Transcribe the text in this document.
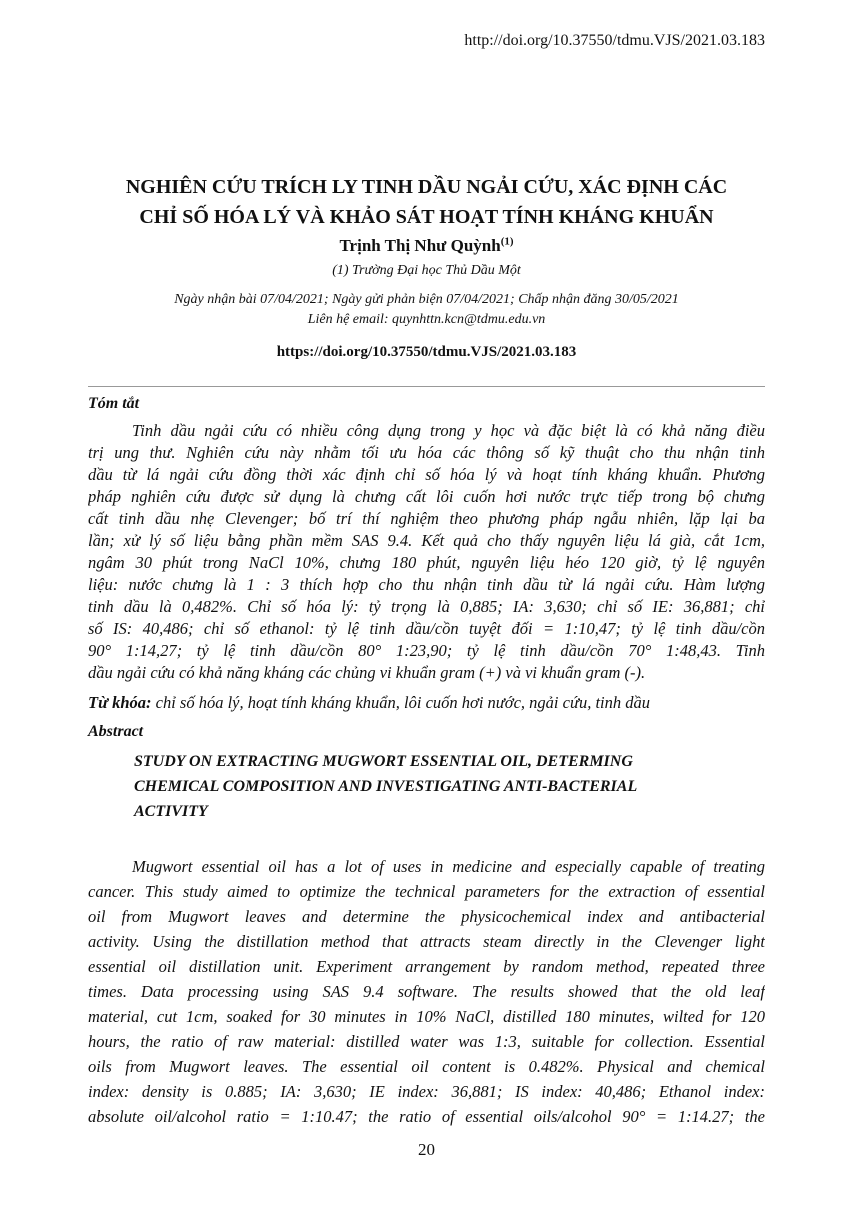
http://doi.org/10.37550/tdmu.VJS/2021.03.183
NGHIÊN CỨU TRÍCH LY TINH DẦU NGẢI CỨU, XÁC ĐỊNH CÁC
CHỈ SỐ HÓA LÝ VÀ KHẢO SÁT HOẠT TÍNH KHÁNG KHUẨN
Trịnh Thị Như Quỳnh$^{(1)}$
(1) Trường Đại học Thủ Dầu Một
Ngày nhận bài 07/04/2021; Ngày gửi phản biện 07/04/2021; Chấp nhận đăng 30/05/2021
Liên hệ email: quynhttn.kcn@tdmu.edu.vn
https://doi.org/10.37550/tdmu.VJS/2021.03.183
Tóm tắt
Tinh dầu ngải cứu có nhiều công dụng trong y học và đặc biệt là có khả năng điều
trị ung thư. Nghiên cứu này nhằm tối ưu hóa các thông số kỹ thuật cho thu nhận tinh
dầu từ lá ngải cứu đồng thời xác định chỉ số hóa lý và hoạt tính kháng khuẩn. Phương
pháp nghiên cứu được sử dụng là chưng cất lôi cuốn hơi nước trực tiếp trong bộ chưng
cất tinh dầu nhẹ Clevenger; bố trí thí nghiệm theo phương pháp ngẫu nhiên, lặp lại ba
lần; xử lý số liệu bằng phần mềm SAS 9.4. Kết quả cho thấy nguyên liệu lá già, cắt 1cm,
ngâm 30 phút trong NaCl 10%, chưng 180 phút, nguyên liệu héo 120 giờ, tỷ lệ nguyên
liệu: nước chưng là 1 : 3 thích hợp cho thu nhận tinh dầu từ lá ngải cứu. Hàm lượng
tinh dầu là 0,482%. Chỉ số hóa lý: tỷ trọng là 0,885; IA: 3,630; chỉ số IE: 36,881; chỉ
số IS: 40,486; chỉ số ethanol: tỷ lệ tinh dầu/cồn tuyệt đối = 1:10,47; tỷ lệ tinh dầu/cồn
90° 1:14,27; tỷ lệ tinh dầu/cồn 80° 1:23,90; tỷ lệ tinh dầu/cồn 70° 1:48,43. Tinh
dầu ngải cứu có khả năng kháng các chủng vi khuẩn gram (+) và vi khuẩn gram (-).
Từ khóa: chỉ số hóa lý, hoạt tính kháng khuẩn, lôi cuốn hơi nước, ngải cứu, tinh dầu
Abstract
STUDY ON EXTRACTING MUGWORT ESSENTIAL OIL, DETERMING
CHEMICAL COMPOSITION AND INVESTIGATING ANTI-BACTERIAL
ACTIVITY
Mugwort essential oil has a lot of uses in medicine and especially capable of treating
cancer. This study aimed to optimize the technical parameters for the extraction of essential
oil from Mugwort leaves and determine the physicochemical index and antibacterial
activity. Using the distillation method that attracts steam directly in the Clevenger light
essential oil distillation unit. Experiment arrangement by random method, repeated three
times. Data processing using SAS 9.4 software. The results showed that the old leaf
material, cut 1cm, soaked for 30 minutes in 10% NaCl, distilled 180 minutes, wilted for 120
hours, the ratio of raw material: distilled water was 1:3, suitable for collection. Essential
oils from Mugwort leaves. The essential oil content is 0.482%. Physical and chemical
index: density is 0.885; IA: 3,630; IE index: 36,881; IS index: 40,486; Ethanol index:
absolute oil/alcohol ratio = 1:10.47; the ratio of essential oils/alcohol 90° = 1:14.27; the
20
